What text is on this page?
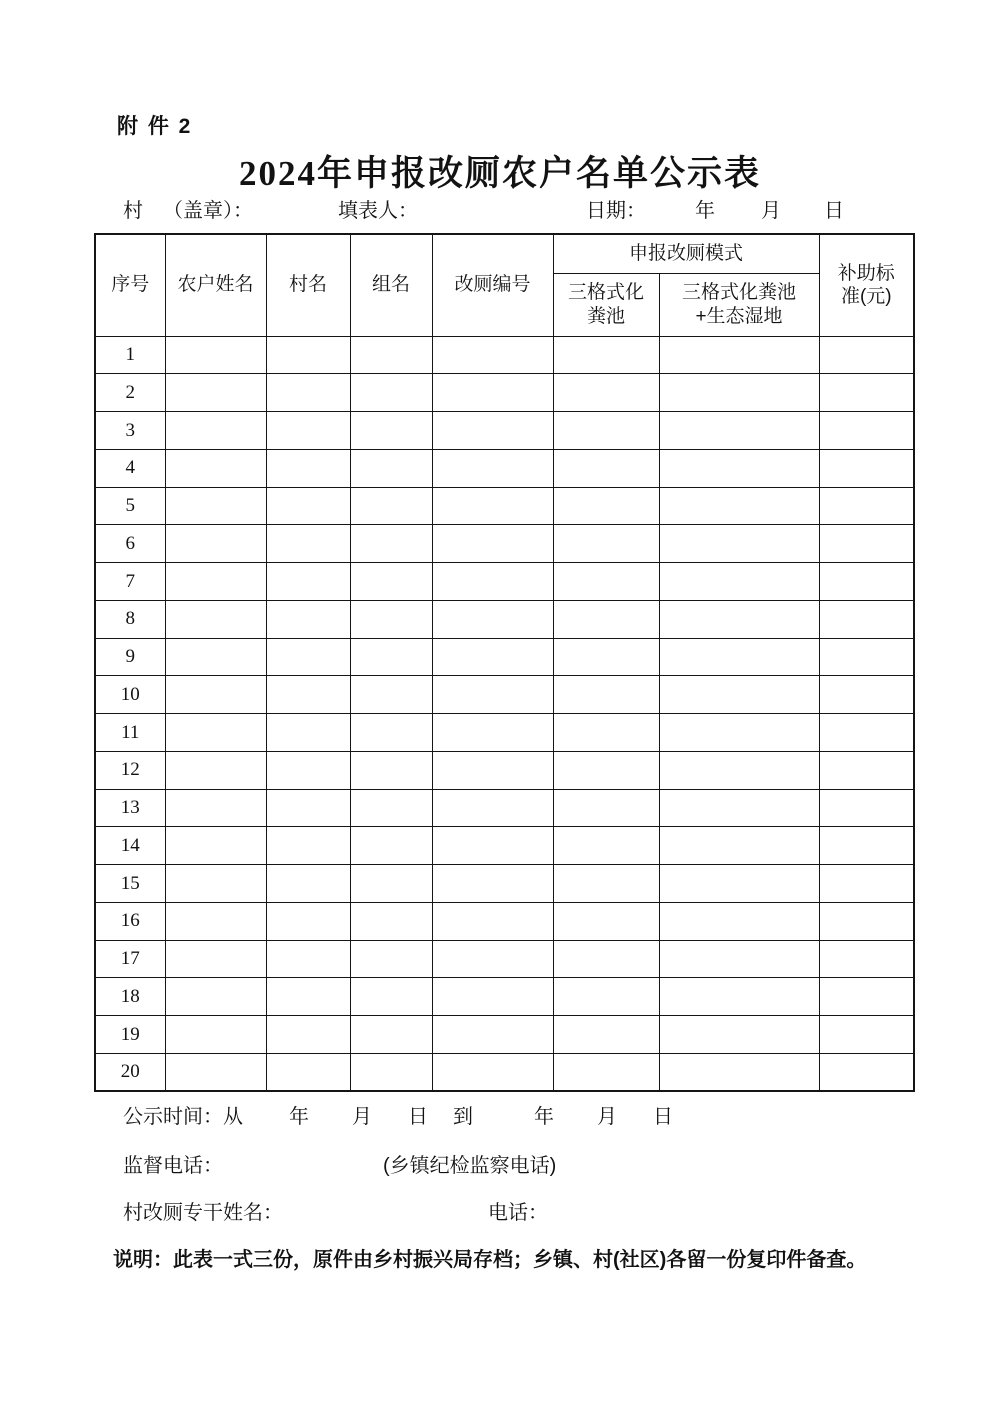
附 件 2
2024年申报改厕农户名单公示表
村 （盖章）：	填表人：	日期： 年 月 日
序号	农户姓名	村名	组名	改厕编号	申报改厕模式		补助标准(元)
					三格式化粪池	三格式化粪池+生态湿地	
1							
2							
3							
4							
5							
6							
7							
8							
9							
10							
11							
12							
13							
14							
15							
16							
17							
18							
19							
20							
公示时间：从 年 月 日 到	年 月 日
监督电话：	(乡镇纪检监察电话)
村改厕专干姓名：	电话：
说明：此表一式三份，原件由乡村振兴局存档；乡镇、村(社区)各留一份复印件备查。
